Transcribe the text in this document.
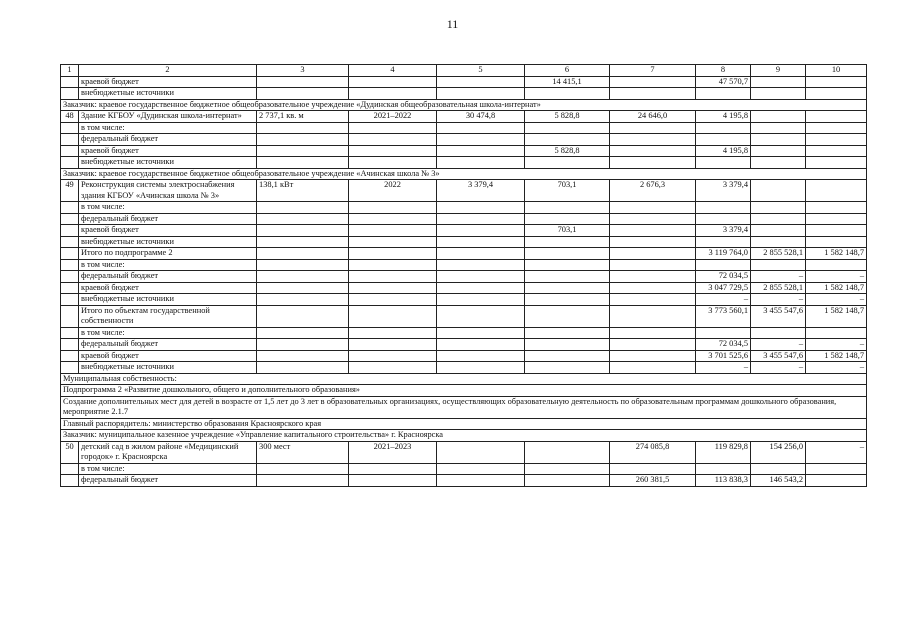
11
1	2	3	4	5	6	7	8	9	10
	краевой бюджет				14 415,1		47 570,7		
	внебюджетные источники								
Заказчик: краевое государственное бюджетное общеобразовательное учреждение «Дудинская общеобразовательная школа-интернат»									
48	Здание КГБОУ «Дудинская школа-интернат»	2 737,1 кв. м	2021–2022	30 474,8	5 828,8	24 646,0	4 195,8		
	в том числе:								
	федеральный бюджет								
	краевой бюджет				5 828,8		4 195,8		
	внебюджетные источники								
Заказчик: краевое государственное бюджетное общеобразовательное учреждение «Ачинская школа № 3»									
49	Реконструкция системы электроснабжения здания КГБОУ «Ачинская школа № 3»	138,1 кВт	2022	3 379,4	703,1	2 676,3	3 379,4		
	в том числе:								
	федеральный бюджет								
	краевой бюджет				703,1		3 379,4		
	внебюджетные источники								
	Итого по подпрограмме 2						3 119 764,0	2 855 528,1	1 582 148,7
	в том числе:								
	федеральный бюджет						72 034,5	–	–
	краевой бюджет						3 047 729,5	2 855 528,1	1 582 148,7
	внебюджетные источники						–	–	–
	Итого по объектам государственной собственности						3 773 560,1	3 455 547,6	1 582 148,7
	в том числе:								
	федеральный бюджет						72 034,5	–	–
	краевой бюджет						3 701 525,6	3 455 547,6	1 582 148,7
	внебюджетные источники						–	–	–
Муниципальная собственность:									
Подпрограмма 2 «Развитие дошкольного, общего и дополнительного образования»									
Создание дополнительных мест для детей в возрасте от 1,5 лет до 3 лет в образовательных организациях, осуществляющих образовательную деятельность по образовательным программам дошкольного образования, мероприятие 2.1.7									
Главный распорядитель: министерство образования Красноярского края									
Заказчик: муниципальное казенное учреждение «Управление капитального строительства» г. Красноярска									
50	детский сад в жилом районе «Медицинский городок» г. Красноярска	300 мест	2021–2023			274 085,8	119 829,8	154 256,0	–
	в том числе:								
	федеральный бюджет					260 381,5	113 838,3	146 543,2	
